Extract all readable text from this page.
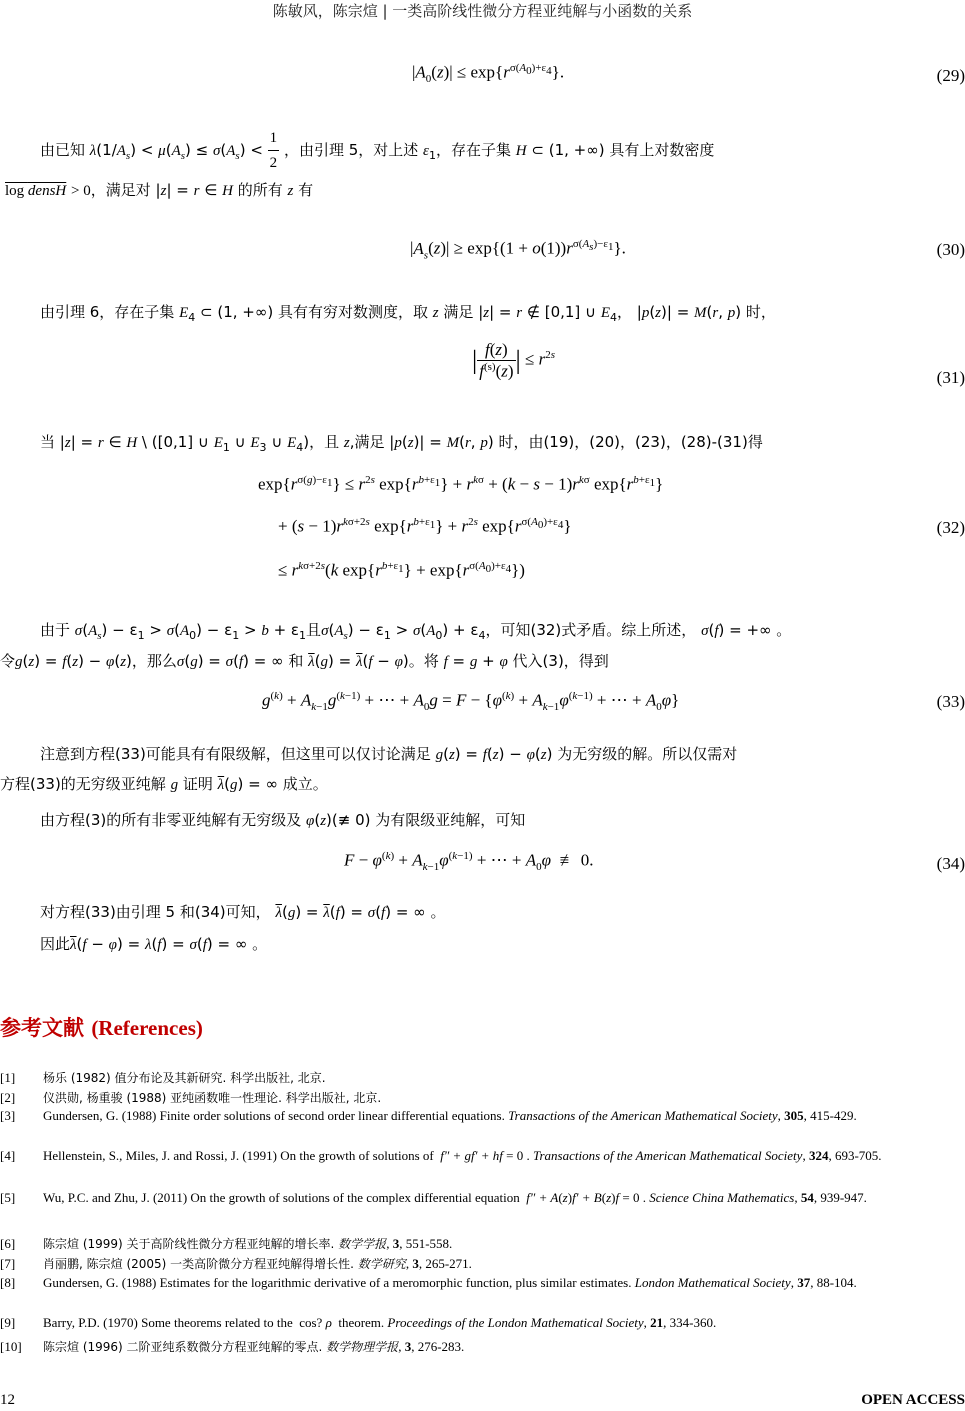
陈敏风，陈宗煊 | 一类高阶线性微分方程亚纯解与小函数的关系
$|A_0(z)| \le \exp\{r^{\sigma(A_0)+\varepsilon_4}\}$.	(29)
由已知 $\lambda(1/A_s) < \mu(A_s) \le \sigma(A_s) < \frac{1}{2}$ ，由引理 5，对上述 $\varepsilon_1$，存在子集 H ⊂ (1, +∞) 具有上对数密度
log densH > 0，满足对 |z| = r ∈ H 的所有 z 有
$|A_s(z)| \ge \exp\{(1 + o(1))r^{\sigma(A_s)-\varepsilon_1}\}$.	(30)
由引理 6，存在子集 $E_4$ ⊂ (1, +∞) 具有有穷对数测度，取 z 满足 |z| = r ∉ [0,1] ∪ $E_4$， |p(z)| = M(r, p) 时，
| $\frac{f(z)}{f^{(s)}(z)}$ | ≤ $r^{2s}$
(31)
当 |z| = r ∈ H \ ([0,1] ∪ $E_1$ ∪ $E_3$ ∪ $E_4$)，且 z,满足 |p(z)| = M(r, p) 时，由(19)，(20)，(23)，(28)-(31)得
$\exp\{r^{\sigma(g)-\varepsilon_1}\} \le r^{2s}$ $\exp\{r^{b+\varepsilon_1}\} + r^{k\sigma} + (k - s - 1)r^{k\sigma}$ $\exp\{r^{b+\varepsilon_1}\}$
+ $(s - 1)r^{k\sigma+2s}$ $\exp\{r^{b+\varepsilon_1}\} + r^{2s}$ $\exp\{r^{\sigma(A_0)+\varepsilon_4}\}$
≤ $r^{k\sigma+2s}(k$ $\exp\{r^{b+\varepsilon_1}\} + \exp\{r^{\sigma(A_0)+\varepsilon_4}\}$)
(32)
由于 $\sigma(A_s) - \varepsilon_1 > \sigma(A_0) - \varepsilon_1 > b + \varepsilon_1$且$\sigma(A_s) - \varepsilon_1 > \sigma(A_0) + \varepsilon_4$，可知(32)式矛盾。综上所述， σ(f) = +∞ 。
令g(z) = f(z) − φ(z)，那么σ(g) = σ(f) = ∞ 和 $\overline{\lambda}(g) = \overline{\lambda}(f - \varphi)$。将 f = g + φ 代入(3)，得到
$g^{(k)} + A_{k-1}g^{(k-1)}$ + ⋯ + $A_0g = F - \{\varphi^{(k)} + A_{k-1}\varphi^{(k-1)}$ + ⋯ + $A_0\varphi$}	(33)
注意到方程(33)可能具有有限级解，但这里可以仅讨论满足 g(z) = f(z) − φ(z) 为无穷级的解。所以仅需对
方程(33)的无穷级亚纯解 g 证明 $\overline{\lambda}(g)$ = ∞ 成立。
由方程(3)的所有非零亚纯解有无穷级及 φ(z)(≢ 0) 为有限级亚纯解，可知
$F - \varphi^{(k)} + A_{k-1}\varphi^{(k-1)}$ + ⋯ + $A_0\varphi$  ≢ 0.	(34)
对方程(33)由引理 5 和(34)可知， $\overline{\lambda}(g) = \overline{\lambda}(f) = \sigma(f)$ = ∞ 。
因此$\overline{\lambda}(f - \varphi) = \lambda(f) = \sigma(f)$ = ∞ 。
参考文献 (References)
[1]	杨乐 (1982) 值分布论及其新研究. 科学出版社, 北京.
[2]	仪洪勋, 杨重骏 (1988) 亚纯函数唯一性理论. 科学出版社, 北京.
[3]	Gundersen, G. (1988) Finite order solutions of second order linear differential equations. Transactions of the American Mathematical Society, 305, 415-429.
[4]	Hellenstein, S., Miles, J. and Rossi, J. (1991) On the growth of solutions of f″ + gf′ + hf = 0 . Transactions of the American Mathematical Society, 324, 693-705.
[5]	Wu, P.C. and Zhu, J. (2011) On the growth of solutions of the complex differential equation f″ + A(z)f′ + B(z)f = 0 . Science China Mathematics, 54, 939-947.
[6]	陈宗煊 (1999) 关于高阶线性微分方程亚纯解的增长率. 数学学报, 3, 551-558.
[7]	肖丽鹏, 陈宗煊 (2005) 一类高阶微分方程亚纯解得增长性. 数学研究, 3, 265-271.
[8]	Gundersen, G. (1988) Estimates for the logarithmic derivative of a meromorphic function, plus similar estimates. London Mathematical Society, 37, 88-104.
[9]	Barry, P.D. (1970) Some theorems related to the  cos? ρ theorem. Proceedings of the London Mathematical Society, 21, 334-360.
[10]	陈宗煊 (1996) 二阶亚纯系数微分方程亚纯解的零点. 数学物理学报, 3, 276-283.
12	OPEN ACCESS
